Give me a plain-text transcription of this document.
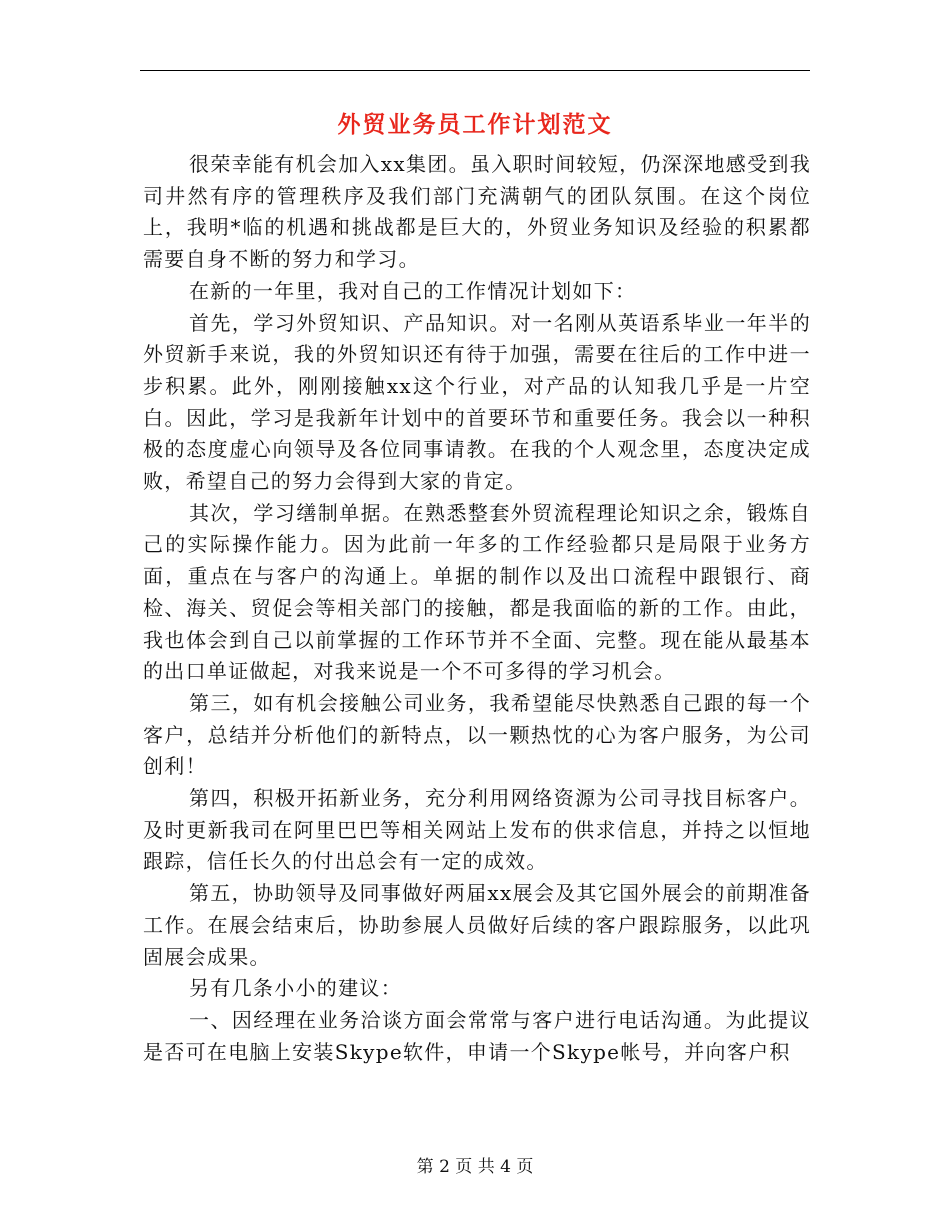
外贸业务员工作计划范文

很荣幸能有机会加入xx集团。虽入职时间较短，仍深深地感受到我司井然有序的管理秩序及我们部门充满朝气的团队氛围。在这个岗位上，我明*临的机遇和挑战都是巨大的，外贸业务知识及经验的积累都需要自身不断的努力和学习。

在新的一年里，我对自己的工作情况计划如下：

首先，学习外贸知识、产品知识。对一名刚从英语系毕业一年半的外贸新手来说，我的外贸知识还有待于加强，需要在往后的工作中进一步积累。此外，刚刚接触xx这个行业，对产品的认知我几乎是一片空白。因此，学习是我新年计划中的首要环节和重要任务。我会以一种积极的态度虚心向领导及各位同事请教。在我的个人观念里，态度决定成败，希望自己的努力会得到大家的肯定。

其次，学习缮制单据。在熟悉整套外贸流程理论知识之余，锻炼自己的实际操作能力。因为此前一年多的工作经验都只是局限于业务方面，重点在与客户的沟通上。单据的制作以及出口流程中跟银行、商检、海关、贸促会等相关部门的接触，都是我面临的新的工作。由此，我也体会到自己以前掌握的工作环节并不全面、完整。现在能从最基本的出口单证做起，对我来说是一个不可多得的学习机会。

第三，如有机会接触公司业务，我希望能尽快熟悉自己跟的每一个客户，总结并分析他们的新特点，以一颗热忱的心为客户服务，为公司创利！

第四，积极开拓新业务，充分利用网络资源为公司寻找目标客户。及时更新我司在阿里巴巴等相关网站上发布的供求信息，并持之以恒地跟踪，信任长久的付出总会有一定的成效。

第五，协助领导及同事做好两届xx展会及其它国外展会的前期准备工作。在展会结束后，协助参展人员做好后续的客户跟踪服务，以此巩固展会成果。

另有几条小小的建议：

一、因经理在业务洽谈方面会常常与客户进行电话沟通。为此提议是否可在电脑上安装Skype软件，申请一个Skype帐号，并向客户积

第 2 页 共 4 页
